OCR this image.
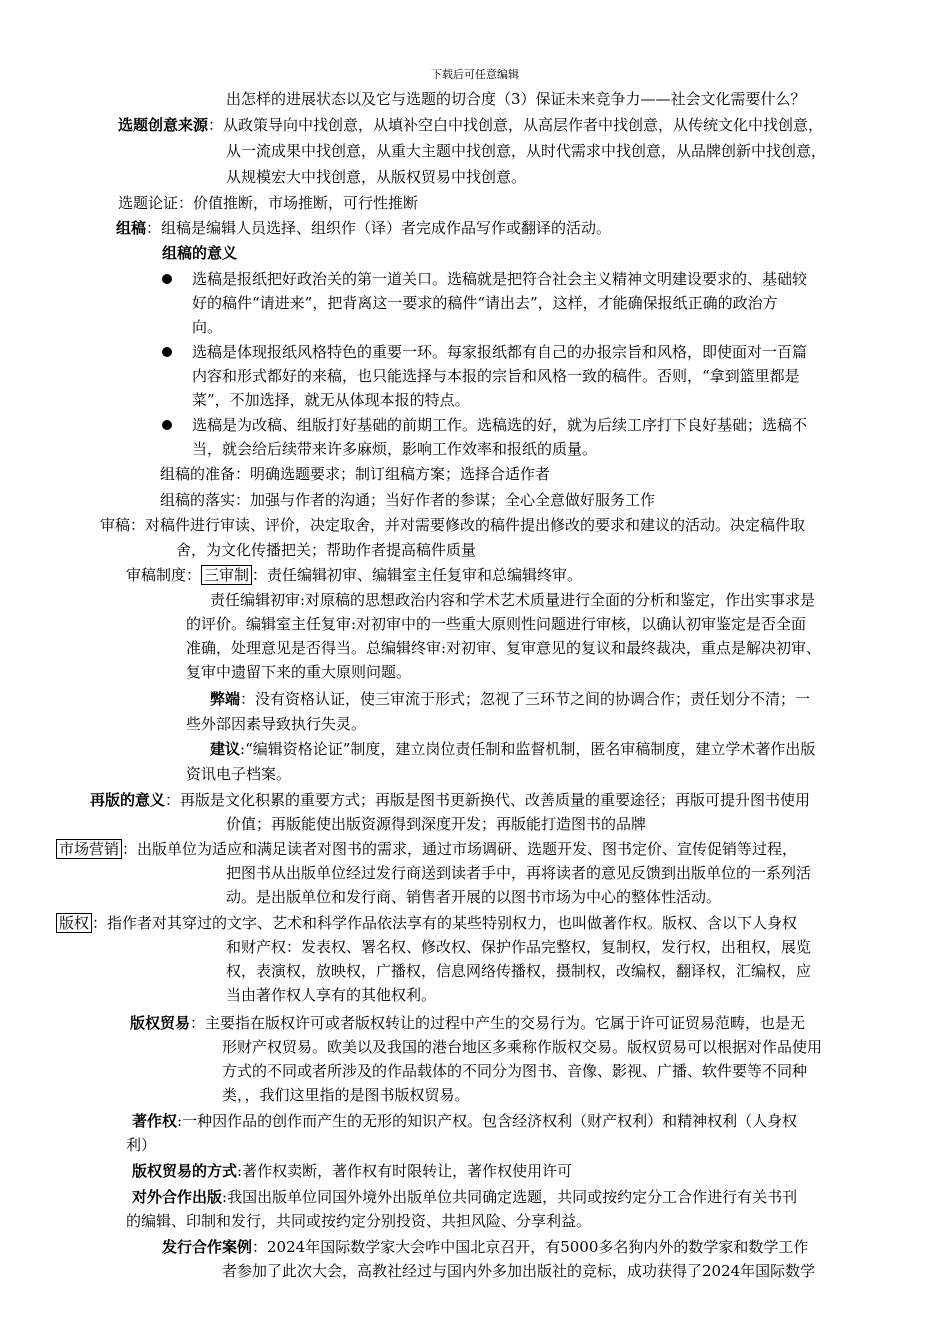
下载后可任意编辑
出怎样的进展状态以及它与选题的切合度（3）保证未来竞争力——社会文化需要什么？
选题创意来源：从政策导向中找创意，从填补空白中找创意，从高层作者中找创意，从传统文化中找创意，
从一流成果中找创意，从重大主题中找创意，从时代需求中找创意，从品牌创新中找创意，
从规模宏大中找创意，从版权贸易中找创意。
选题论证：价值推断，市场推断，可行性推断
组稿：组稿是编辑人员选择、组织作（译）者完成作品写作或翻译的活动。
组稿的意义
选稿是报纸把好政治关的第一道关口。选稿就是把符合社会主义精神文明建设要求的、基础较
好的稿件“请进来”，把背离这一要求的稿件“请出去”，这样，才能确保报纸正确的政治方
向。
选稿是体现报纸风格特色的重要一环。每家报纸都有自己的办报宗旨和风格，即使面对一百篇
内容和形式都好的来稿，也只能选择与本报的宗旨和风格一致的稿件。否则，“拿到篮里都是
菜”，不加选择，就无从体现本报的特点。
选稿是为改稿、组版打好基础的前期工作。选稿选的好，就为后续工序打下良好基础；选稿不
当，就会给后续带来许多麻烦，影响工作效率和报纸的质量。
组稿的准备：明确选题要求；制订组稿方案；选择合适作者
组稿的落实：加强与作者的沟通；当好作者的参谋；全心全意做好服务工作
审稿：对稿件进行审读、评价，决定取舍，并对需要修改的稿件提出修改的要求和建议的活动。决定稿件取
舍，为文化传播把关；帮助作者提高稿件质量
审稿制度： 三审制 ：责任编辑初审、编辑室主任复审和总编辑终审。
责任编辑初审:对原稿的思想政治内容和学术艺术质量进行全面的分析和鉴定，作出实事求是
的评价。编辑室主任复审:对初审中的一些重大原则性问题进行审核，以确认初审鉴定是否全面
准确，处理意见是否得当。总编辑终审:对初审、复审意见的复议和最终裁决，重点是解决初审、
复审中遗留下来的重大原则问题。
弊端：没有资格认证，使三审流于形式；忽视了三环节之间的协调合作；责任划分不清；一
些外部因素导致执行失灵。
建议:“编辑资格论证”制度，建立岗位责任制和监督机制，匿名审稿制度，建立学术著作出版
资讯电子档案。
再版的意义：再版是文化积累的重要方式；再版是图书更新换代、改善质量的重要途径；再版可提升图书使用
价值；再版能使出版资源得到深度开发；再版能打造图书的品牌
市场营销 ：出版单位为适应和满足读者对图书的需求，通过市场调研、选题开发、图书定价、宣传促销等过程，
把图书从出版单位经过发行商送到读者手中，再将读者的意见反馈到出版单位的一系列活
动。是出版单位和发行商、销售者开展的以图书市场为中心的整体性活动。
版权 ：指作者对其穿过的文字、艺术和科学作品依法享有的某些特别权力，也叫做著作权。版权、含以下人身权
和财产权：发表权、署名权、修改权、保护作品完整权，复制权，发行权，出租权，展览
权，表演权，放映权，广播权，信息网络传播权，摄制权，改编权，翻译权，汇编权，应
当由著作权人享有的其他权利。
版权贸易：主要指在版权许可或者版权转让的过程中产生的交易行为。它属于许可证贸易范畴，也是无
形财产权贸易。欧美以及我国的港台地区多乘称作版权交易。版权贸易可以根据对作品使用
方式的不同或者所涉及的作品载体的不同分为图书、音像、影视、广播、软件要等不同种
类，，我们这里指的是图书版权贸易。
著作权:一种因作品的创作而产生的无形的知识产权。包含经济权利（财产权利）和精神权利（人身权
利）
版权贸易的方式:著作权卖断，著作权有时限转让，著作权使用许可
对外合作出版:我国出版单位同国外境外出版单位共同确定选题，共同或按约定分工合作进行有关书刊
的编辑、印制和发行，共同或按约定分别投资、共担风险、分享利益。
发行合作案例：2024年国际数学家大会咋中国北京召开，有5000多名狗内外的数学家和数学工作
者参加了此次大会，高教社经过与国内外多加出版社的竞标，成功获得了2024年国际数学
